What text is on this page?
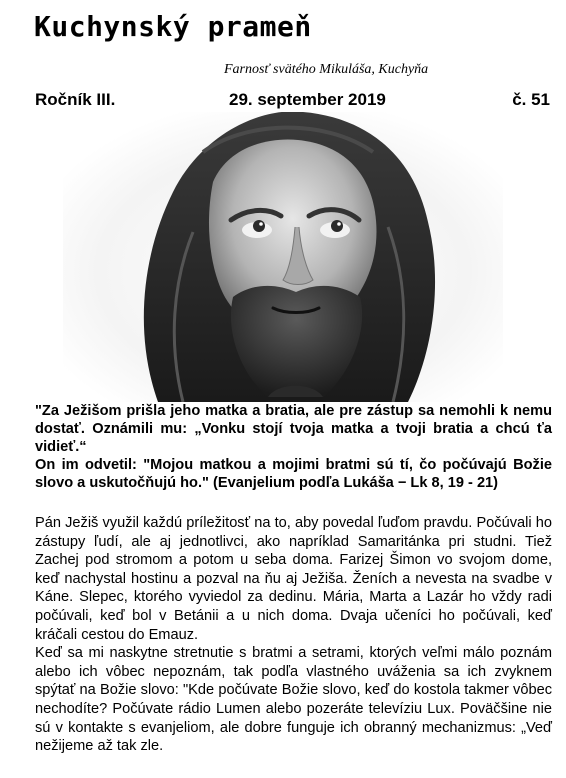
Kuchynský prameň
Farnosť svätého Mikuláša, Kuchyňa
Ročník III.	29. september 2019	č. 51

"Za Ježišom prišla jeho matka a bratia, ale pre zástup sa nemohli k nemu dostať. Oznámili mu: „Vonku stojí tvoja matka a tvoji bratia a chcú ťa vidieť.“

On im odvetil: "Mojou matkou a mojimi bratmi sú tí, čo počúvajú Božie slovo a uskutočňujú ho." (Evanjelium podľa Lukáša − Lk 8, 19 - 21)

Pán Ježiš využil každú príležitosť na to, aby povedal ľuďom pravdu. Počúvali ho zástupy ľudí, ale aj jednotlivci, ako napríklad Samaritánka pri studni. Tiež Zachej pod stromom a potom u seba doma. Farizej Šimon vo svojom dome, keď nachystal hostinu a pozval na ňu aj Ježiša. Ženích a nevesta na svadbe v Káne. Slepec, ktorého vyviedol za dedinu. Mária, Marta a Lazár ho vždy radi počúvali, keď bol v Betánii a u nich doma. Dvaja učeníci ho počúvali, keď kráčali cestou do Emauz.

Keď sa mi naskytne stretnutie s bratmi a setrami, ktorých veľmi málo poznám alebo ich vôbec nepoznám, tak podľa vlastného uváženia sa ich zvyknem spýtať na Božie slovo: "Kde počúvate Božie slovo, keď do kostola takmer vôbec nechodíte? Počúvate rádio Lumen alebo pozeráte televíziu Lux. Poväčšine nie sú v kontakte s evanjeliom, ale dobre funguje ich obranný mechanizmus: „Veď nežijeme až tak zle.
